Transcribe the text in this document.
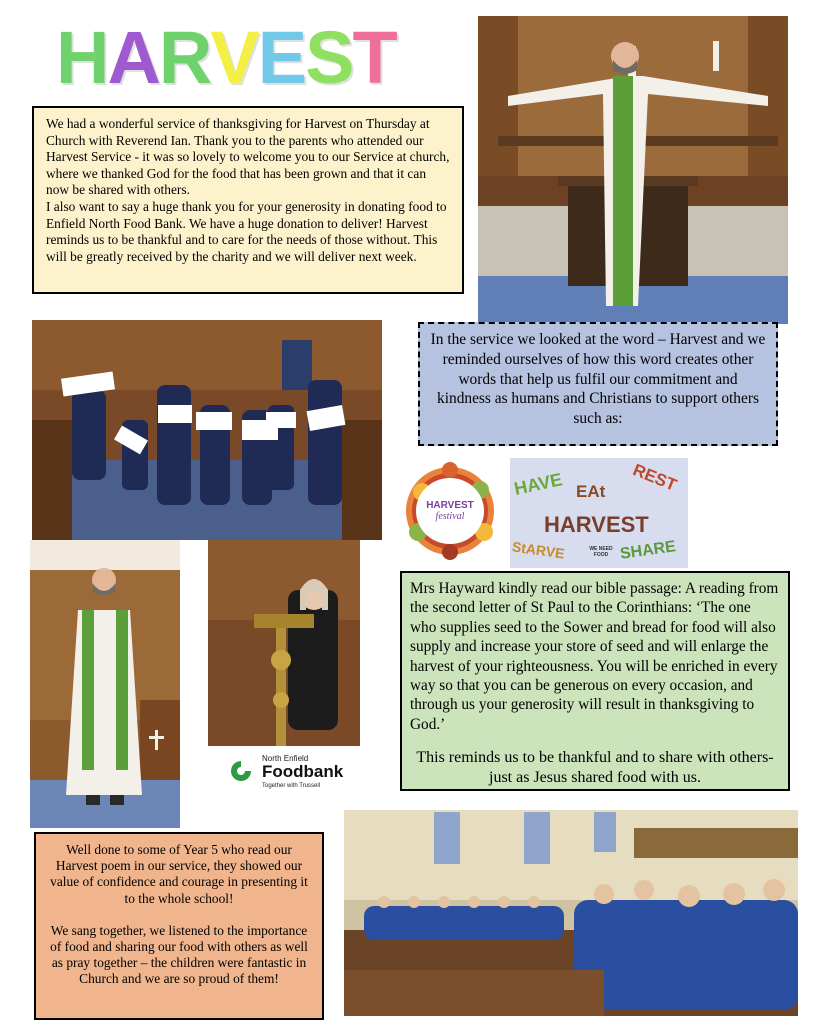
H A R V E S T

We had a wonderful service of thanksgiving for Harvest on Thursday at Church with Reverend Ian. Thank you to the parents who attended our Harvest Service - it was so lovely to welcome you to our Service at church, where we thanked God for the food that has been grown and that it can now be shared with others.

I also want to say a huge thank you for your generosity in donating food to Enfield North Food Bank. We have a huge donation to deliver! Harvest reminds us to be thankful and to care for the needs of those without. This will be greatly received by the charity and we will deliver next week.

In the service we looked at the word – Harvest and we reminded ourselves of how this word creates other words that help us fulfil our commitment and kindness as humans and Christians to support others such as:
HARVEST
festival
HAVE EAt REST
HARVEST
StARVE	SHARE
WE NEED FOOD
North Enfield
Foodbank
Together with Trussell

Mrs Hayward kindly read our bible passage: A reading from the second letter of St Paul to the Corinthians: ‘The one who supplies seed to the Sower and bread for food will also supply and increase your store of seed and will enlarge the harvest of your righteousness. You will be enriched in every way so that you can be generous on every occasion, and through us your generosity will result in thanksgiving to God.’

This reminds us to be thankful and to share with others- just as Jesus shared food with us.

Well done to some of Year 5 who read our Harvest poem in our service, they showed our value of confidence and courage in presenting it to the whole school!

We sang together, we listened to the importance of food and sharing our food with others as well as pray together – the children were fantastic in Church and we are so proud of them!
